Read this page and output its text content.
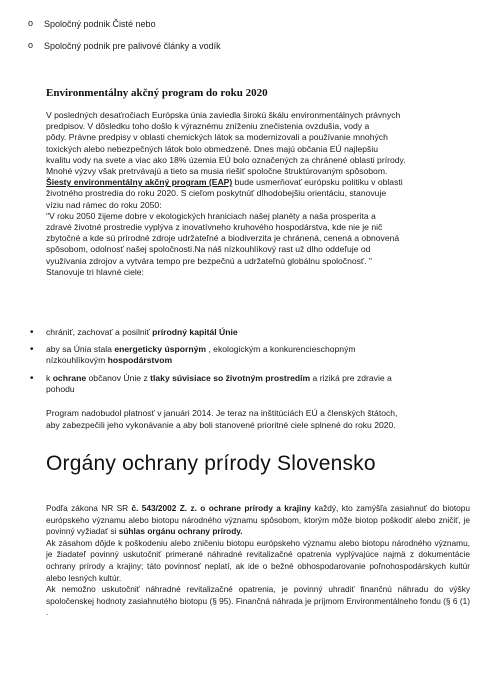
o Spoločný podnik Čisté nebo
o Spoločný podnik pre palivové články a vodík
Environmentálny akčný program do roku 2020

V posledných desaťročiach Európska únia zaviedla širokú škálu environmentálnych právnych

predpisov. V dôsledku toho došlo k výraznému zníženiu znečistenia ovzdušia, vody a

pôdy. Právne predpisy v oblasti chemických látok sa modernizovali a používanie mnohých

toxických alebo nebezpečných látok bolo obmedzené. Dnes majú občania EÚ najlepšiu

kvalitu vody na svete a viac ako 18% územia EÚ bolo označených za chránené oblasti prírody.

Mnohé výzvy však pretrvávajú a tieto sa musia riešiť spoločne štruktúrovaným spôsobom.

Šiesty environmentálny akčný program (EAP) bude usmerňovať európsku politiku v oblasti

životného prostredia do roku 2020. S cieľom poskytnúť dlhodobejšiu orientáciu, stanovuje

víziu nad rámec do roku 2050:

"V roku 2050 žijeme dobre v ekologických hraniciach našej planéty a naša prosperita a

zdravé životné prostredie vyplýva z inovatívneho kruhového hospodárstva, kde nie je nič

zbytočné a kde sú prírodné zdroje udržateľné a biodiverzita je chránená, cenená a obnovená

spôsobom, odolnosť našej spoločnosti.Na náš nízkouhlíkový rast už dlho oddeľuje od

využívania zdrojov a vytvára tempo pre bezpečnú a udržateľnú globálnu spoločnosť. "

Stanovuje tri hlavné ciele:

• chrániť, zachovať a posilniť prírodný kapitál Únie
• aby sa Únia stala energeticky úsporným , ekologickým a konkurencieschopným
nízkouhlíkovým hospodárstvom
• k ochrane občanov Únie z tlaky súvisiace so životným prostredím a riziká pre zdravie a
pohodu
Program nadobudol platnosť v januári 2014. Je teraz na inštitúciách EÚ a členských štátoch,
aby zabezpečili jeho vykonávanie a aby boli stanovené prioritné ciele splnené do roku 2020.
Orgány ochrany prírody Slovensko
Podľa zákona NR SR č. 543/2002 Z. z. o ochrane prírody a krajiny každý, kto zamýšľa zasiahnuť do biotopu európskeho významu alebo biotopu národného významu spôsobom, ktorým môže biotop poškodiť alebo zničiť, je povinný vyžiadať si súhlas orgánu ochrany prírody.
Ak zásahom dôjde k poškodeniu alebo zničeniu biotopu európskeho významu alebo biotopu národného významu, je žiadateľ povinný uskutočniť primerané náhradné revitalizačné opatrenia vyplývajúce najmä z dokumentácie ochrany prírody a krajiny; táto povinnosť neplatí, ak ide o bežné obhospodarovanie poľnohospodárskych kultúr alebo lesných kultúr.
Ak nemožno uskutočniť náhradné revitalizačné opatrenia, je povinný uhradiť finančnú náhradu do výšky spoločenskej hodnoty zasiahnutého biotopu (§ 95). Finančná náhrada je príjmom Environmentálneho fondu (§ 6 (1) .
